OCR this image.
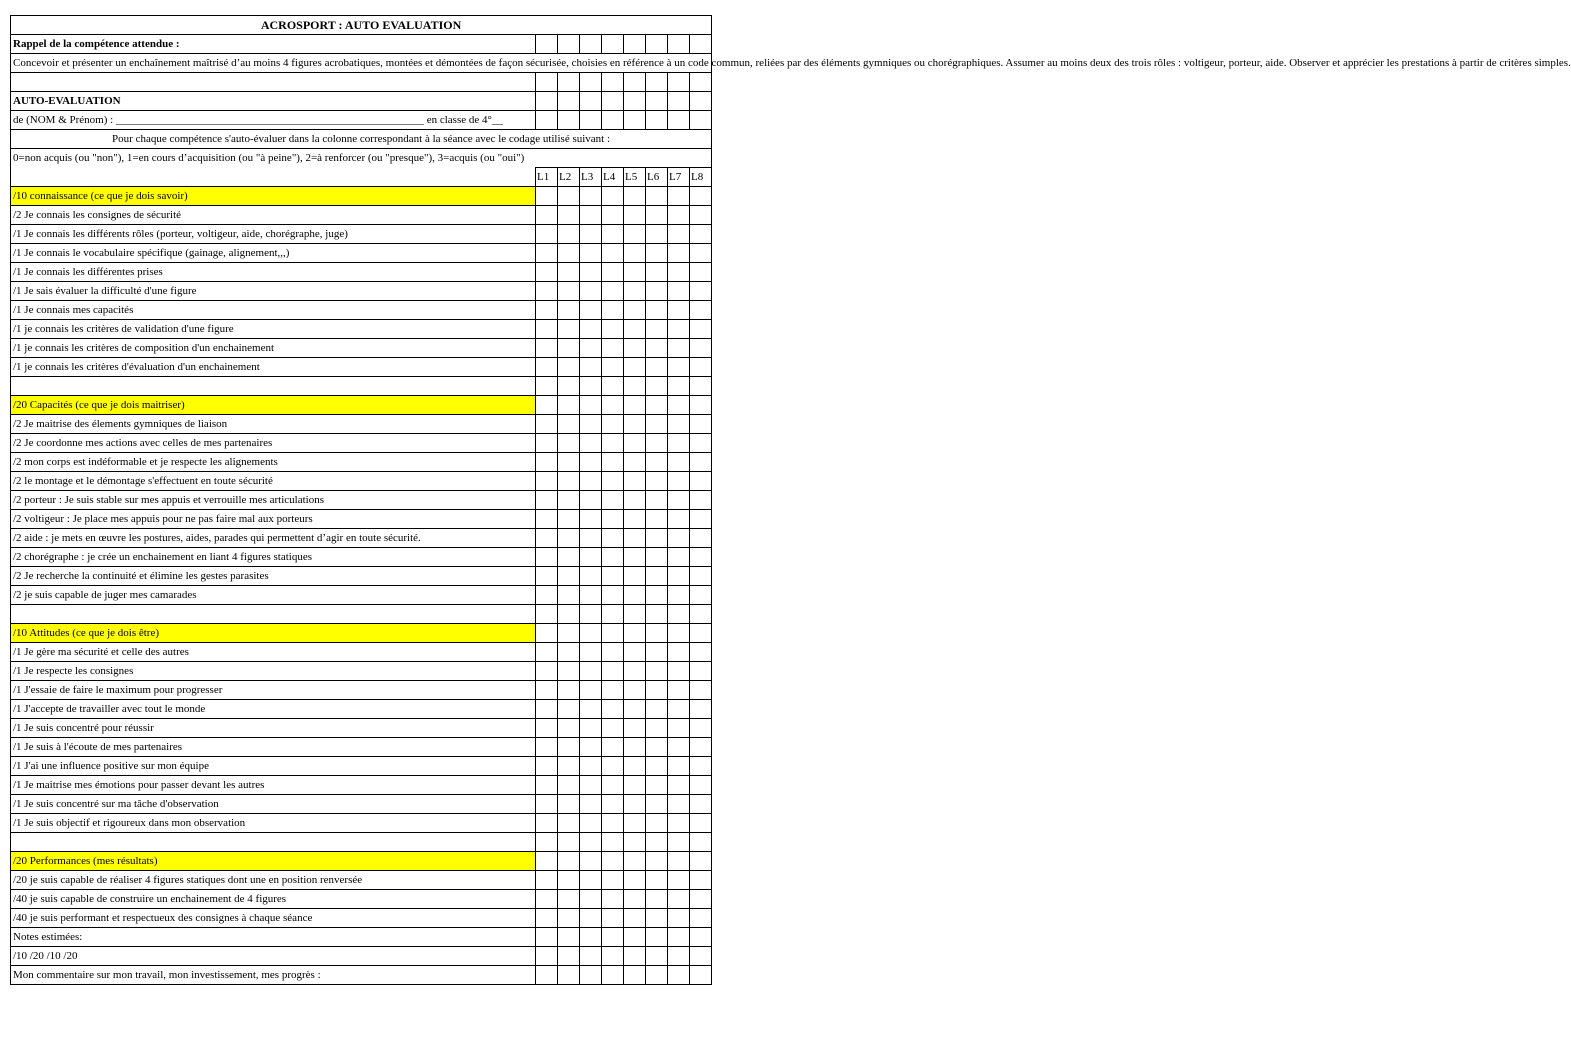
ACROSPORT : AUTO EVALUATION								
Rappel de la compétence attendue :								
Concevoir et présenter un enchaînement maîtrisé d’au moins 4 figures acrobatiques, montées et démontées de façon sécurisée, choisies en référence à un code commun, reliées par des éléments gymniques ou chorégraphiques. Assumer au moins deux des trois rôles : voltigeur, porteur, aide. Observer et apprécier les prestations à partir de critères simples.								

AUTO-EVALUATION								
de (NOM & Prénom) : ________________________________________________________ en classe de 4°__								
Pour chaque compétence s'auto-évaluer dans la colonne correspondant à la séance avec le codage utilisé suivant :								
0=non acquis (ou "non"), 1=en cours d’acquisition (ou "à peine"), 2=à renforcer (ou "presque"), 3=acquis (ou "oui")								
	L1	L2	L3	L4	L5	L6	L7	L8
/10 connaissance (ce que je dois savoir)								
/2 Je connais les consignes de sécurité								
/1 Je connais les différents rôles (porteur, voltigeur, aide, chorégraphe, juge)								
/1 Je connais le vocabulaire spécifique (gainage, alignement,,,)								
/1 Je connais les différentes prises								
/1 Je sais évaluer la difficulté d'une figure								
/1 Je connais mes capacités								
/1 je connais les critères de validation d'une figure								
/1 je connais les critères de composition d'un enchainement								
/1 je connais les critères d'évaluation d'un enchainement								

/20 Capacités (ce que je dois maitriser)								
/2 Je maitrise des élements gymniques de liaison								
/2 Je coordonne mes actions avec celles de mes partenaires								
/2 mon corps est indéformable et je respecte les alignements								
/2 le montage et le démontage s'effectuent en toute sécurité								
/2 porteur : Je suis stable sur mes appuis et verrouille mes articulations								
/2 voltigeur : Je place mes appuis pour ne pas faire mal aux porteurs								
/2 aide : je mets en œuvre les postures, aides, parades qui permettent d’agir en toute sécurité.								
/2 chorégraphe : je crée un enchainement en liant 4 figures statiques								
/2 Je recherche la continuité et élimine les gestes parasites								
/2 je suis capable de juger mes camarades								

/10 Attitudes (ce que je dois être)								
/1 Je gère ma sécurité et celle des autres								
/1 Je respecte les consignes								
/1 J'essaie de faire le maximum pour progresser								
/1 J'accepte de travailler avec tout le monde								
/1 Je suis concentré pour réussir								
/1 Je suis à l'écoute de mes partenaires								
/1 J'ai une influence positive sur mon équipe								
/1 Je maitrise mes émotions pour passer devant les autres								
/1 Je suis concentré sur ma tâche d'observation								
/1 Je suis objectif et rigoureux dans mon observation								

/20 Performances (mes résultats)								
/20 je suis capable de réaliser 4 figures statiques dont une en position renversée								
/40 je suis capable de construire un enchainement de 4 figures								
/40 je suis performant et respectueux des consignes à chaque séance								
Notes estimées:								
/10 /20 /10 /20								
Mon commentaire sur mon travail, mon investissement, mes progrès :								
